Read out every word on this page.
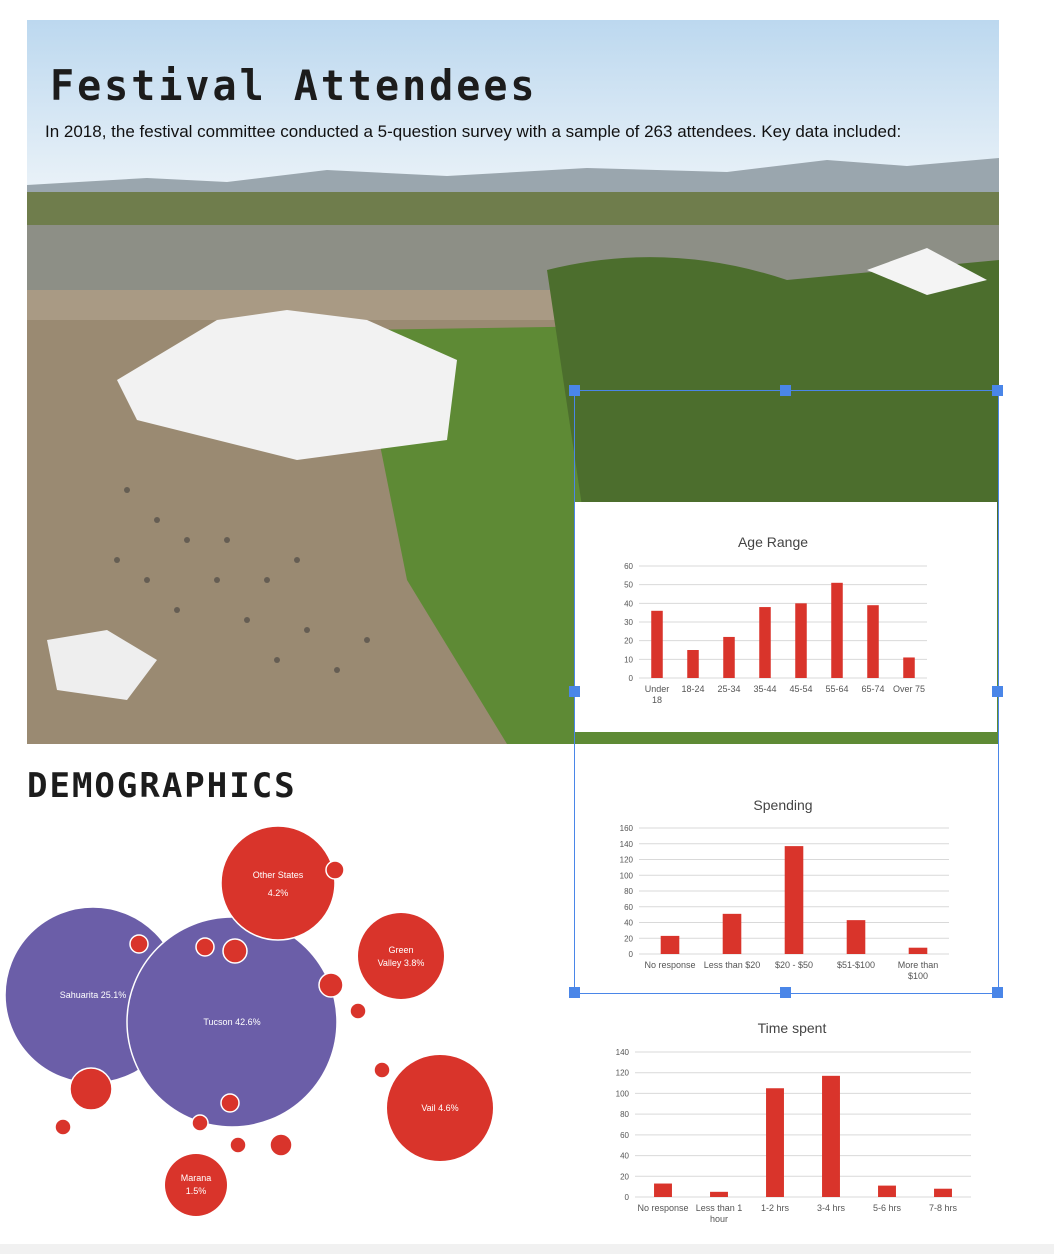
Festival Attendees
In 2018, the festival committee conducted a 5-question survey with a sample of 263 attendees. Key data included:
Age Range
0
10
20
30
40
50
60
Under 18
18-24 25-34 35-44 45-54 55-64 65-74 Over 75
Spending
0
20
40
60
80
100
120
140
160
No response Less than $20 $20 - $50	$51-$100	More than $100
Time spent
0
20
40
60
80
100
120
140
No response Less than 1 hour
1-2 hrs	3-4 hrs	5-6 hrs	7-8 hrs
DEMOGRAPHICS
Sahuarita 25.1%
Tucson 42.6%
Other States
4.2%
Green
Valley 3.8%
Vail 4.6%
Marana
1.5%
